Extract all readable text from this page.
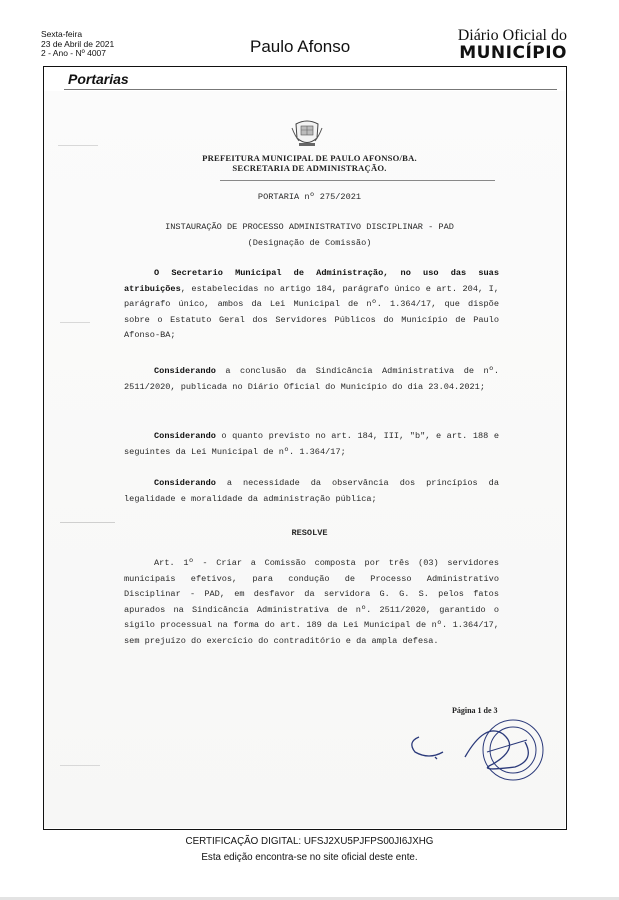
Sexta-feira
23 de Abril de 2021
2 - Ano - Nº 4007	Paulo Afonso
Diário Oficial do
MUNICÍPIO
Portarias
PREFEITURA MUNICIPAL DE PAULO AFONSO/BA.
SECRETARIA DE ADMINISTRAÇÃO.
PORTARIA nº 275/2021
INSTAURAÇÃO DE PROCESSO ADMINISTRATIVO DISCIPLINAR - PAD
(Designação de Comissão)
O Secretario Municipal de Administração, no uso das suas atribuições, estabelecidas no artigo 184, parágrafo único e art. 204, I, parágrafo único, ambos da Lei Municipal de nº. 1.364/17, que dispõe sobre o Estatuto Geral dos Servidores Públicos do Município de Paulo Afonso-BA;
Considerando a conclusão da Sindicância Administrativa de nº. 2511/2020, publicada no Diário Oficial do Município do dia 23.04.2021;
Considerando o quanto previsto no art. 184, III, "b", e art. 188 e seguintes da Lei Municipal de nº. 1.364/17;
Considerando a necessidade da observância dos princípios da legalidade e moralidade da administração pública;
RESOLVE
Art. 1º - Criar a Comissão composta por três (03) servidores municipais efetivos, para condução de Processo Administrativo Disciplinar - PAD, em desfavor da servidora G. G. S. pelos fatos apurados na Sindicância Administrativa de nº. 2511/2020, garantido o sigilo processual na forma do art. 189 da Lei Municipal de nº. 1.364/17, sem prejuízo do exercício do contraditório e da ampla defesa.
Página 1 de 3
CERTIFICAÇÃO DIGITAL: UFSJ2XU5PJFPS00JI6JXHG
Esta edição encontra-se no site oficial deste ente.
